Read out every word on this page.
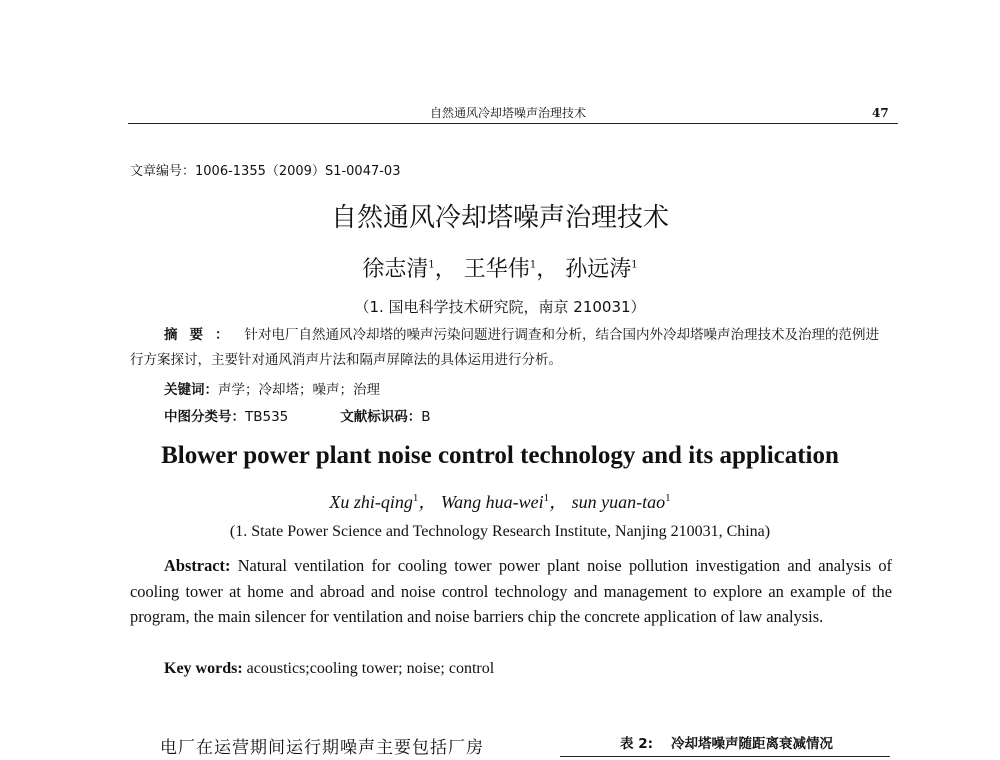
自然通风冷却塔噪声治理技术	47
文章编号：1006-1355（2009）S1-0047-03
自然通风冷却塔噪声治理技术
徐志清$^1$， 王华伟$^1$， 孙远涛$^1$
（1. 国电科学技术研究院，南京 210031）
摘要： 针对电厂自然通风冷却塔的噪声污染问题进行调查和分析，结合国内外冷却塔噪声治理技术及治理的范例进行方案探讨，主要针对通风消声片法和隔声屏障法的具体运用进行分析。
关键词：声学；冷却塔；噪声；治理
中图分类号：TB535	文献标识码：B
Blower power plant noise control technology and its application
Xu zhi-qing$^1$， Wang hua-wei$^1$， sun yuan-tao$^1$
(1. State Power Science and Technology Research Institute, Nanjing 210031, China)
Abstract: Natural ventilation for cooling tower power plant noise pollution investigation and analysis of cooling tower at home and abroad and noise control technology and management to explore an example of the program, the main silencer for ventilation and noise barriers chip the concrete application of law analysis.
Key words: acoustics;cooling tower; noise; control
电厂在运营期间运行期噪声主要包括厂房	表 2: 冷却塔噪声随距离衰减情况
